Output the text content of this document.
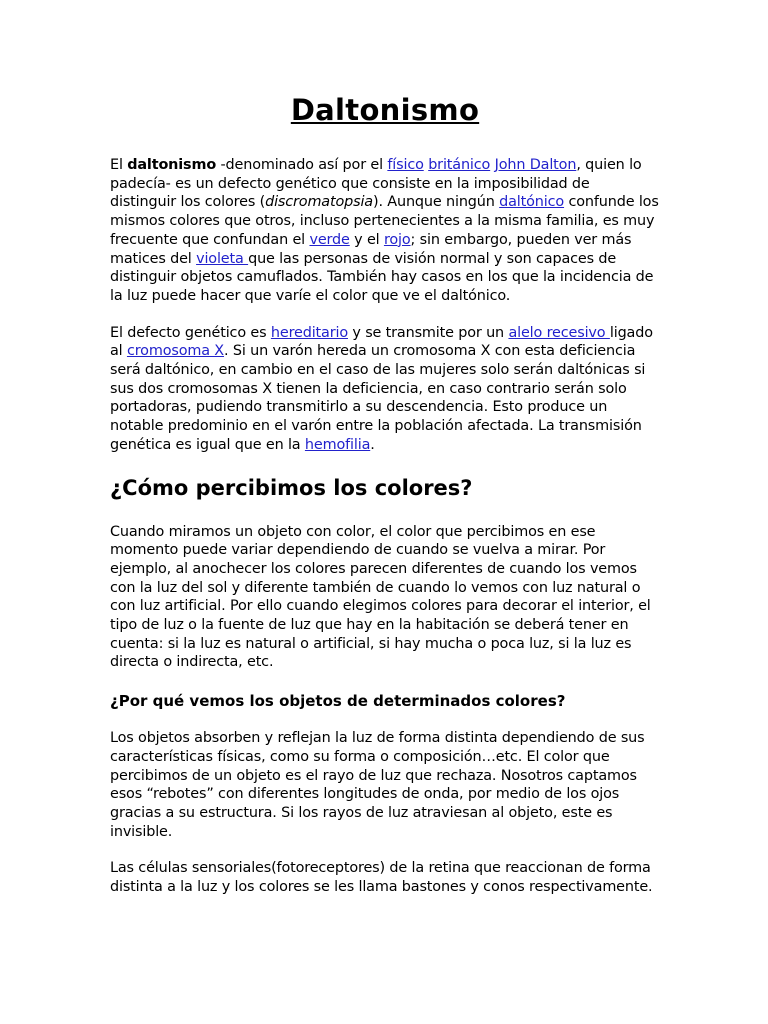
Daltonismo

El daltonismo -denominado así por el físico británico John Dalton, quien lo padecía- es un defecto genético que consiste en la imposibilidad de distinguir los colores (discromatopsia). Aunque ningún daltónico confunde los mismos colores que otros, incluso pertenecientes a la misma familia, es muy frecuente que confundan el verde y el rojo; sin embargo, pueden ver más matices del violeta que las personas de visión normal y son capaces de distinguir objetos camuflados. También hay casos en los que la incidencia de la luz puede hacer que varíe el color que ve el daltónico.

El defecto genético es hereditario y se transmite por un alelo recesivo ligado al cromosoma X. Si un varón hereda un cromosoma X con esta deficiencia será daltónico, en cambio en el caso de las mujeres solo serán daltónicas si sus dos cromosomas X tienen la deficiencia, en caso contrario serán solo portadoras, pudiendo transmitirlo a su descendencia. Esto produce un notable predominio en el varón entre la población afectada. La transmisión genética es igual que en la hemofilia.

¿Cómo percibimos los colores?

Cuando miramos un objeto con color, el color que percibimos en ese momento puede variar dependiendo de cuando se vuelva a mirar. Por ejemplo, al anochecer los colores parecen diferentes de cuando los vemos con la luz del sol y diferente también de cuando lo vemos con luz natural o con luz artificial. Por ello cuando elegimos colores para decorar el interior, el tipo de luz o la fuente de luz que hay en la habitación se deberá tener en cuenta: si la luz es natural o artificial, si hay mucha o poca luz, si la luz es directa o indirecta, etc.

¿Por qué vemos los objetos de determinados colores?

Los objetos absorben y reflejan la luz de forma distinta dependiendo de sus características físicas, como su forma o composición…etc. El color que percibimos de un objeto es el rayo de luz que rechaza. Nosotros captamos esos “rebotes” con diferentes longitudes de onda, por medio de los ojos gracias a su estructura. Si los rayos de luz atraviesan al objeto, este es invisible.

Las células sensoriales(fotoreceptores) de la retina que reaccionan de forma distinta a la luz y los colores se les llama bastones y conos respectivamente.
